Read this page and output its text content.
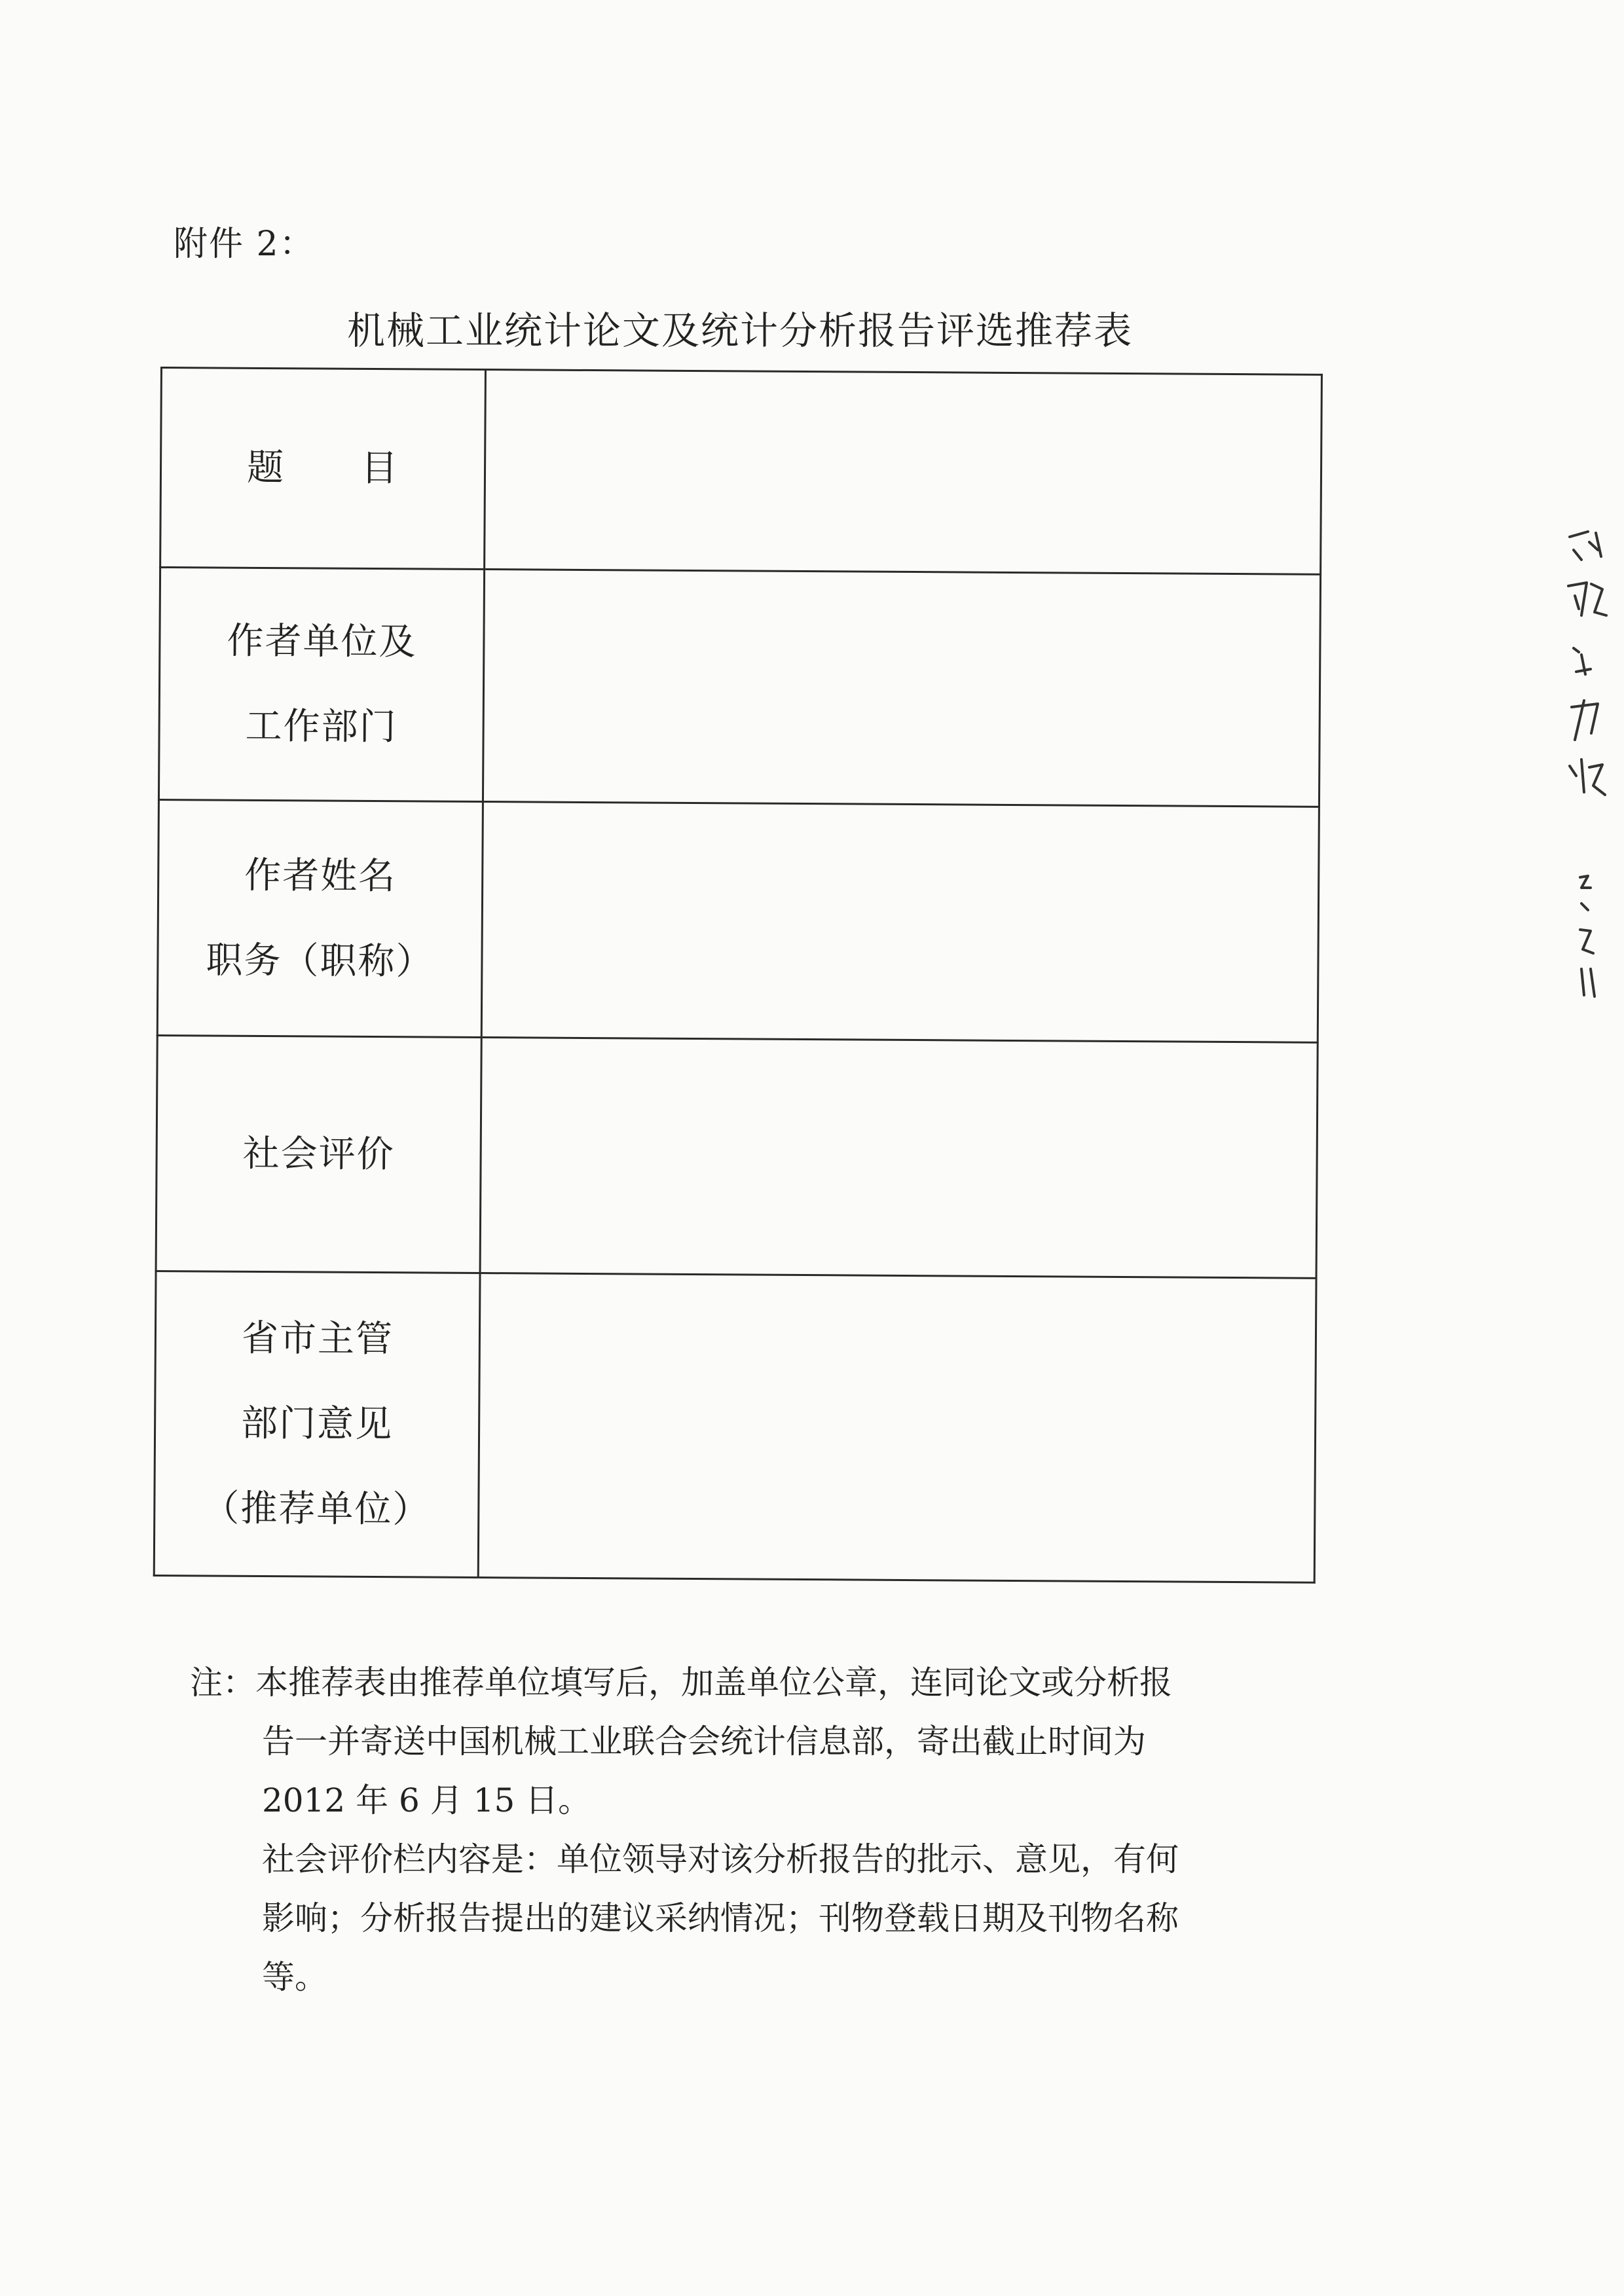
附件 2：
机械工业统计论文及统计分析报告评选推荐表
题　　目	

作者单位及
工作部门	

作者姓名
职务（职称）	

社会评价	

省市主管
部门意见
（推荐单位）	

注：本推荐表由推荐单位填写后，加盖单位公章，连同论文或分析报
告一并寄送中国机械工业联合会统计信息部，寄出截止时间为
2012 年 6 月 15 日。
社会评价栏内容是：单位领导对该分析报告的批示、意见，有何
影响；分析报告提出的建议采纳情况；刊物登载日期及刊物名称
等。
